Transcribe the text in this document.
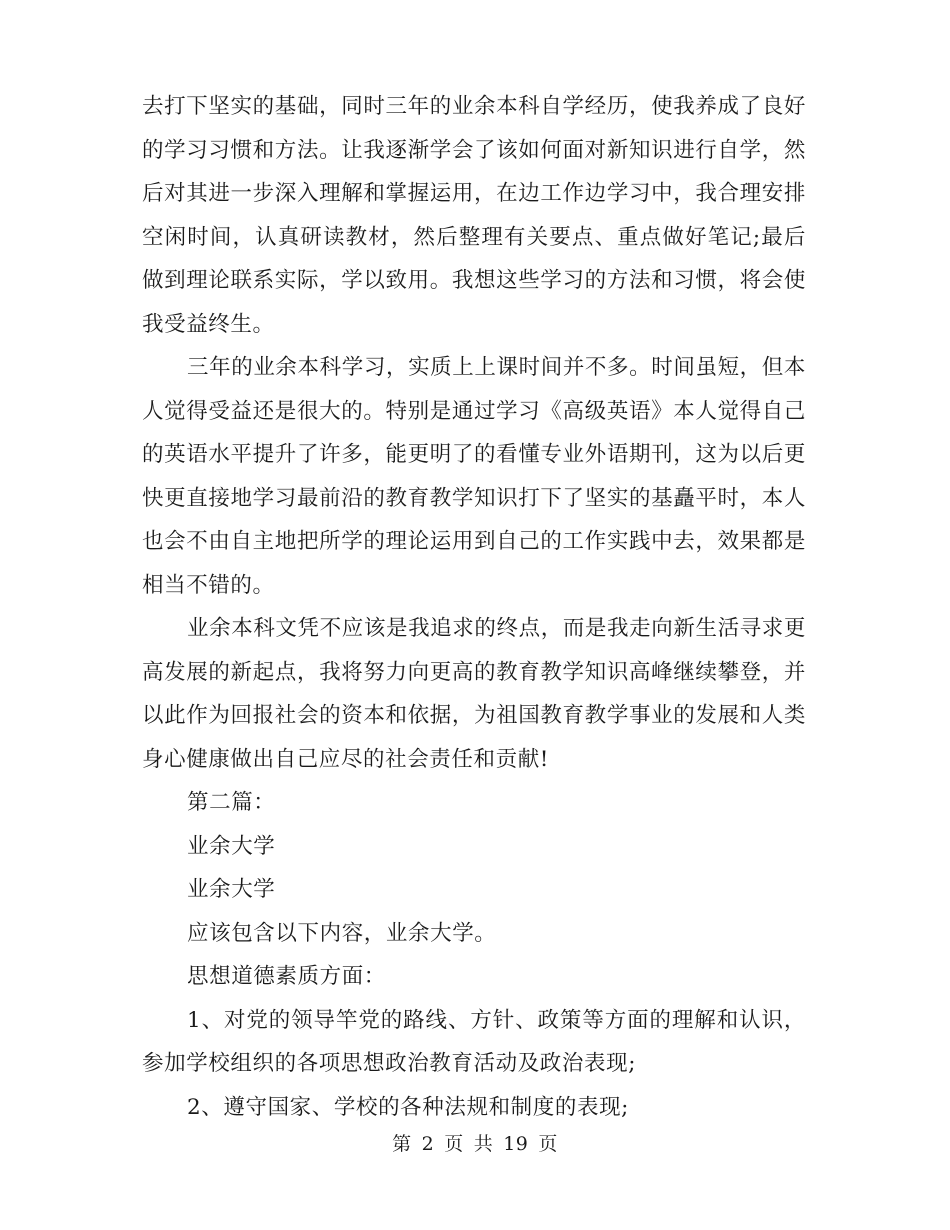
去打下坚实的基础，同时三年的业余本科自学经历，使我养成了良好的学习习惯和方法。让我逐渐学会了该如何面对新知识进行自学，然后对其进一步深入理解和掌握运用，在边工作边学习中，我合理安排空闲时间，认真研读教材，然后整理有关要点、重点做好笔记;最后做到理论联系实际，学以致用。我想这些学习的方法和习惯，将会使我受益终生。

三年的业余本科学习，实质上上课时间并不多。时间虽短，但本人觉得受益还是很大的。特别是通过学习《高级英语》本人觉得自己的英语水平提升了许多，能更明了的看懂专业外语期刊，这为以后更快更直接地学习最前沿的教育教学知识打下了坚实的基矗平时，本人也会不由自主地把所学的理论运用到自己的工作实践中去，效果都是相当不错的。

业余本科文凭不应该是我追求的终点，而是我走向新生活寻求更高发展的新起点，我将努力向更高的教育教学知识高峰继续攀登，并以此作为回报社会的资本和依据，为祖国教育教学事业的发展和人类身心健康做出自己应尽的社会责任和贡献!

第二篇：

业余大学

业余大学

应该包含以下内容，业余大学。

思想道德素质方面：

1、对党的领导竿党的路线、方针、政策等方面的理解和认识，参加学校组织的各项思想政治教育活动及政治表现;

2、遵守国家、学校的各种法规和制度的表现;

第 2 页 共 19 页
